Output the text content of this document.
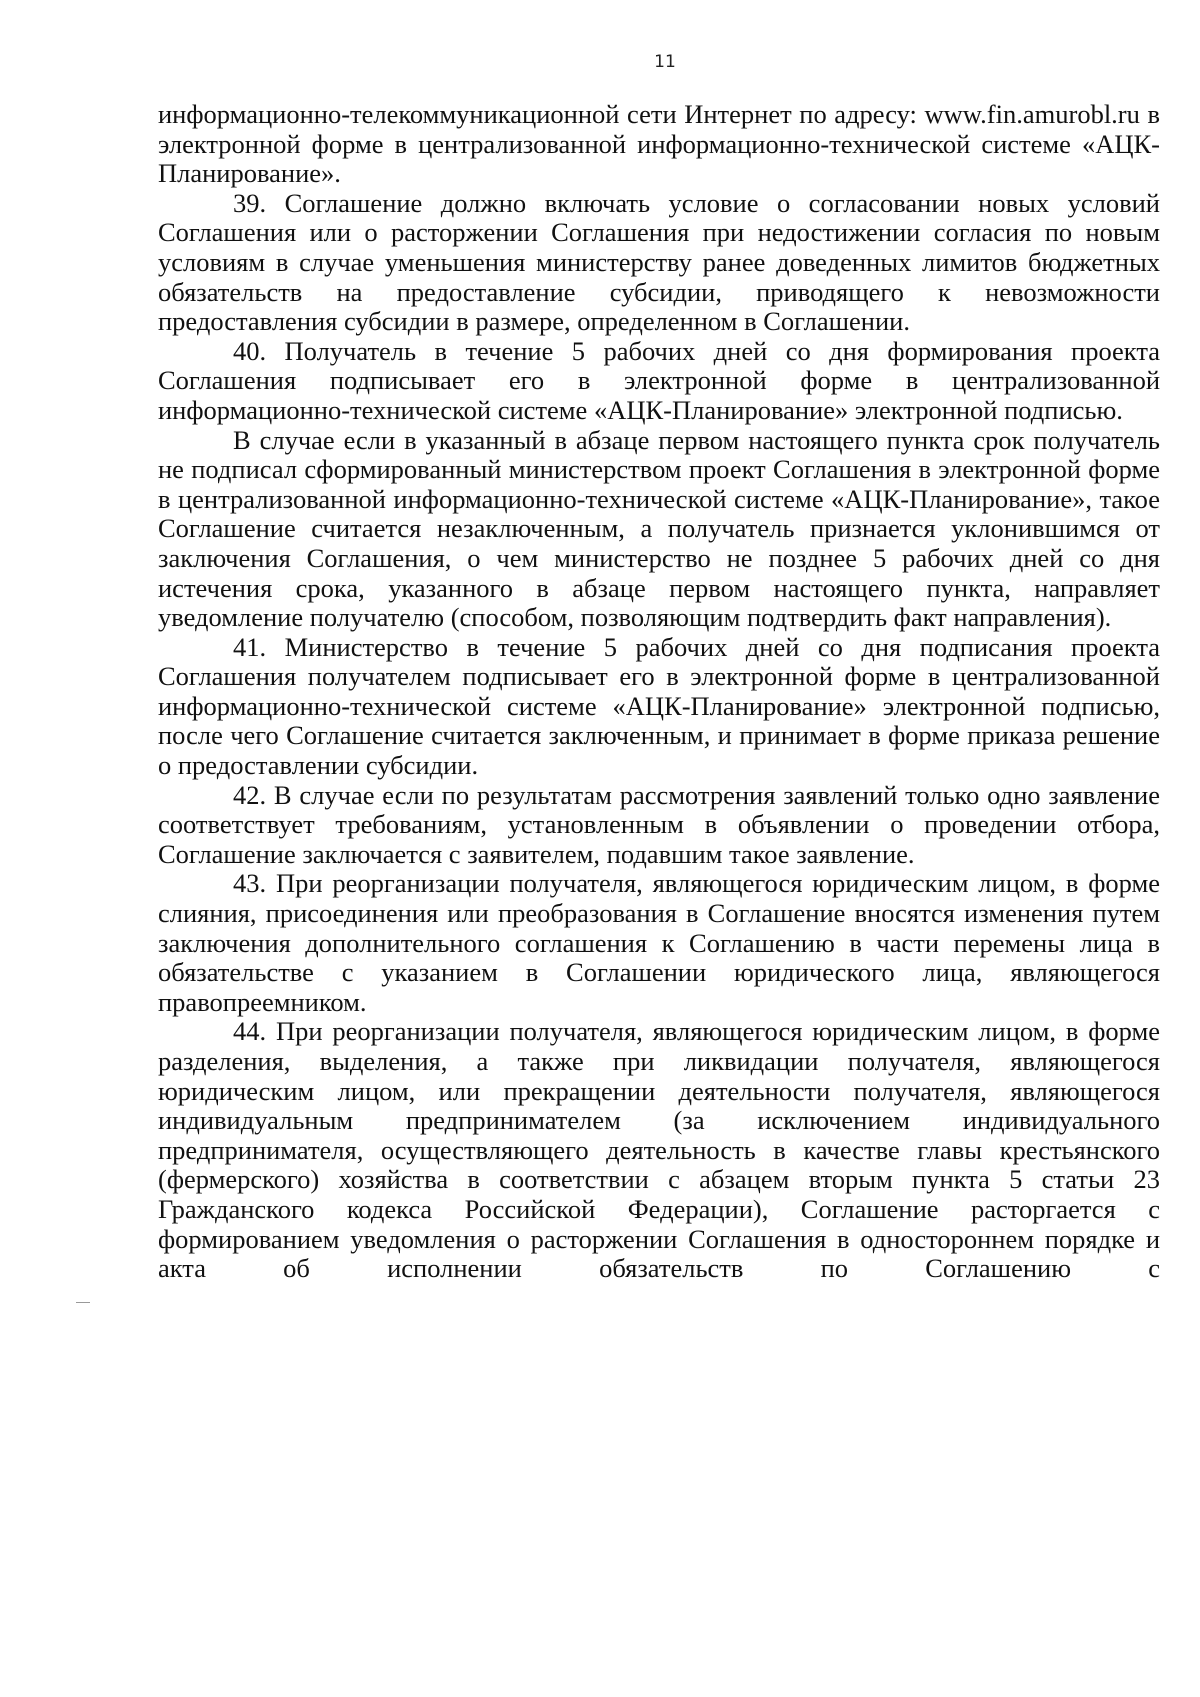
11

информационно-телекоммуникационной сети Интернет по адресу: www.fin.amurobl.ru в электронной форме в централизованной информационно-технической системе «АЦК-Планирование».

39. Соглашение должно включать условие о согласовании новых условий Соглашения или о расторжении Соглашения при недостижении согласия по новым условиям в случае уменьшения министерству ранее доведенных лимитов бюджетных обязательств на предоставление субсидии, приводящего к невозможности предоставления субсидии в размере, определенном в Соглашении.

40. Получатель в течение 5 рабочих дней со дня формирования проекта Соглашения подписывает его в электронной форме в централизованной информационно-технической системе «АЦК-Планирование» электронной подписью.

В случае если в указанный в абзаце первом настоящего пункта срок получатель не подписал сформированный министерством проект Соглашения в электронной форме в централизованной информационно-технической системе «АЦК-Планирование», такое Соглашение считается незаключенным, а получатель признается уклонившимся от заключения Соглашения, о чем министерство не позднее 5 рабочих дней со дня истечения срока, указанного в абзаце первом настоящего пункта, направляет уведомление получателю (способом, позволяющим подтвердить факт направления).

41. Министерство в течение 5 рабочих дней со дня подписания проекта Соглашения получателем подписывает его в электронной форме в централизованной информационно-технической системе «АЦК-Планирование» электронной подписью, после чего Соглашение считается заключенным, и принимает в форме приказа решение о предоставлении субсидии.

42. В случае если по результатам рассмотрения заявлений только одно заявление соответствует требованиям, установленным в объявлении о проведении отбора, Соглашение заключается с заявителем, подавшим такое заявление.

43. При реорганизации получателя, являющегося юридическим лицом, в форме слияния, присоединения или преобразования в Соглашение вносятся изменения путем заключения дополнительного соглашения к Соглашению в части перемены лица в обязательстве с указанием в Соглашении юридического лица, являющегося правопреемником.

44. При реорганизации получателя, являющегося юридическим лицом, в форме разделения, выделения, а также при ликвидации получателя, являющегося юридическим лицом, или прекращении деятельности получателя, являющегося индивидуальным предпринимателем (за исключением индивидуального предпринимателя, осуществляющего деятельность в качестве главы крестьянского (фермерского) хозяйства в соответствии с абзацем вторым пункта 5 статьи 23 Гражданского кодекса Российской Федерации), Соглашение расторгается с формированием уведомления о расторжении Соглашения в одностороннем порядке и акта об исполнении обязательств по Соглашению с
